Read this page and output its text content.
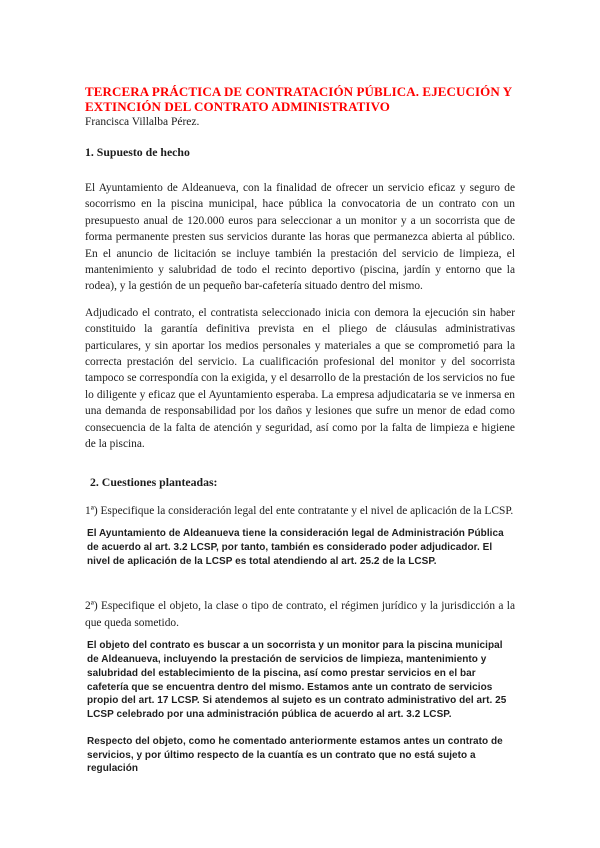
TERCERA PRÁCTICA DE CONTRATACIÓN PÚBLICA. EJECUCIÓN Y EXTINCIÓN DEL CONTRATO ADMINISTRATIVO

Francisca Villalba Pérez.

1. Supuesto de hecho

El Ayuntamiento de Aldeanueva, con la finalidad de ofrecer un servicio eficaz y seguro de socorrismo en la piscina municipal, hace pública la convocatoria de un contrato con un presupuesto anual de 120.000 euros para seleccionar a un monitor y a un socorrista que de forma permanente presten sus servicios durante las horas que permanezca abierta al público. En el anuncio de licitación se incluye también la prestación del servicio de limpieza, el mantenimiento y salubridad de todo el recinto deportivo (piscina, jardín y entorno que la rodea), y la gestión de un pequeño bar-cafetería situado dentro del mismo.

Adjudicado el contrato, el contratista seleccionado inicia con demora la ejecución sin haber constituido la garantía definitiva prevista en el pliego de cláusulas administrativas particulares, y sin aportar los medios personales y materiales a que se comprometió para la correcta prestación del servicio. La cualificación profesional del monitor y del socorrista tampoco se correspondía con la exigida, y el desarrollo de la prestación de los servicios no fue lo diligente y eficaz que el Ayuntamiento esperaba. La empresa adjudicataria se ve inmersa en una demanda de responsabilidad por los daños y lesiones que sufre un menor de edad como consecuencia de la falta de atención y seguridad, así como por la falta de limpieza e higiene de la piscina.

2. Cuestiones planteadas:

1ª) Especifique la consideración legal del ente contratante y el nivel de aplicación de la LCSP.

El Ayuntamiento de Aldeanueva tiene la consideración legal de Administración Pública de acuerdo al art. 3.2 LCSP, por tanto, también es considerado poder adjudicador. El nivel de aplicación de la LCSP es total atendiendo al art. 25.2 de la LCSP.

2ª) Especifique el objeto, la clase o tipo de contrato, el régimen jurídico y la jurisdicción a la que queda sometido.

El objeto del contrato es buscar a un socorrista y un monitor para la piscina municipal de Aldeanueva, incluyendo la prestación de servicios de limpieza, mantenimiento y salubridad del establecimiento de la piscina, así como prestar servicios en el bar cafetería que se encuentra dentro del mismo. Estamos ante un contrato de servicios propio del art. 17 LCSP. Si atendemos al sujeto es un contrato administrativo del art. 25 LCSP celebrado por una administración pública de acuerdo al art. 3.2 LCSP.

Respecto del objeto, como he comentado anteriormente estamos antes un contrato de servicios, y por último respecto de la cuantía es un contrato que no está sujeto a regulación
